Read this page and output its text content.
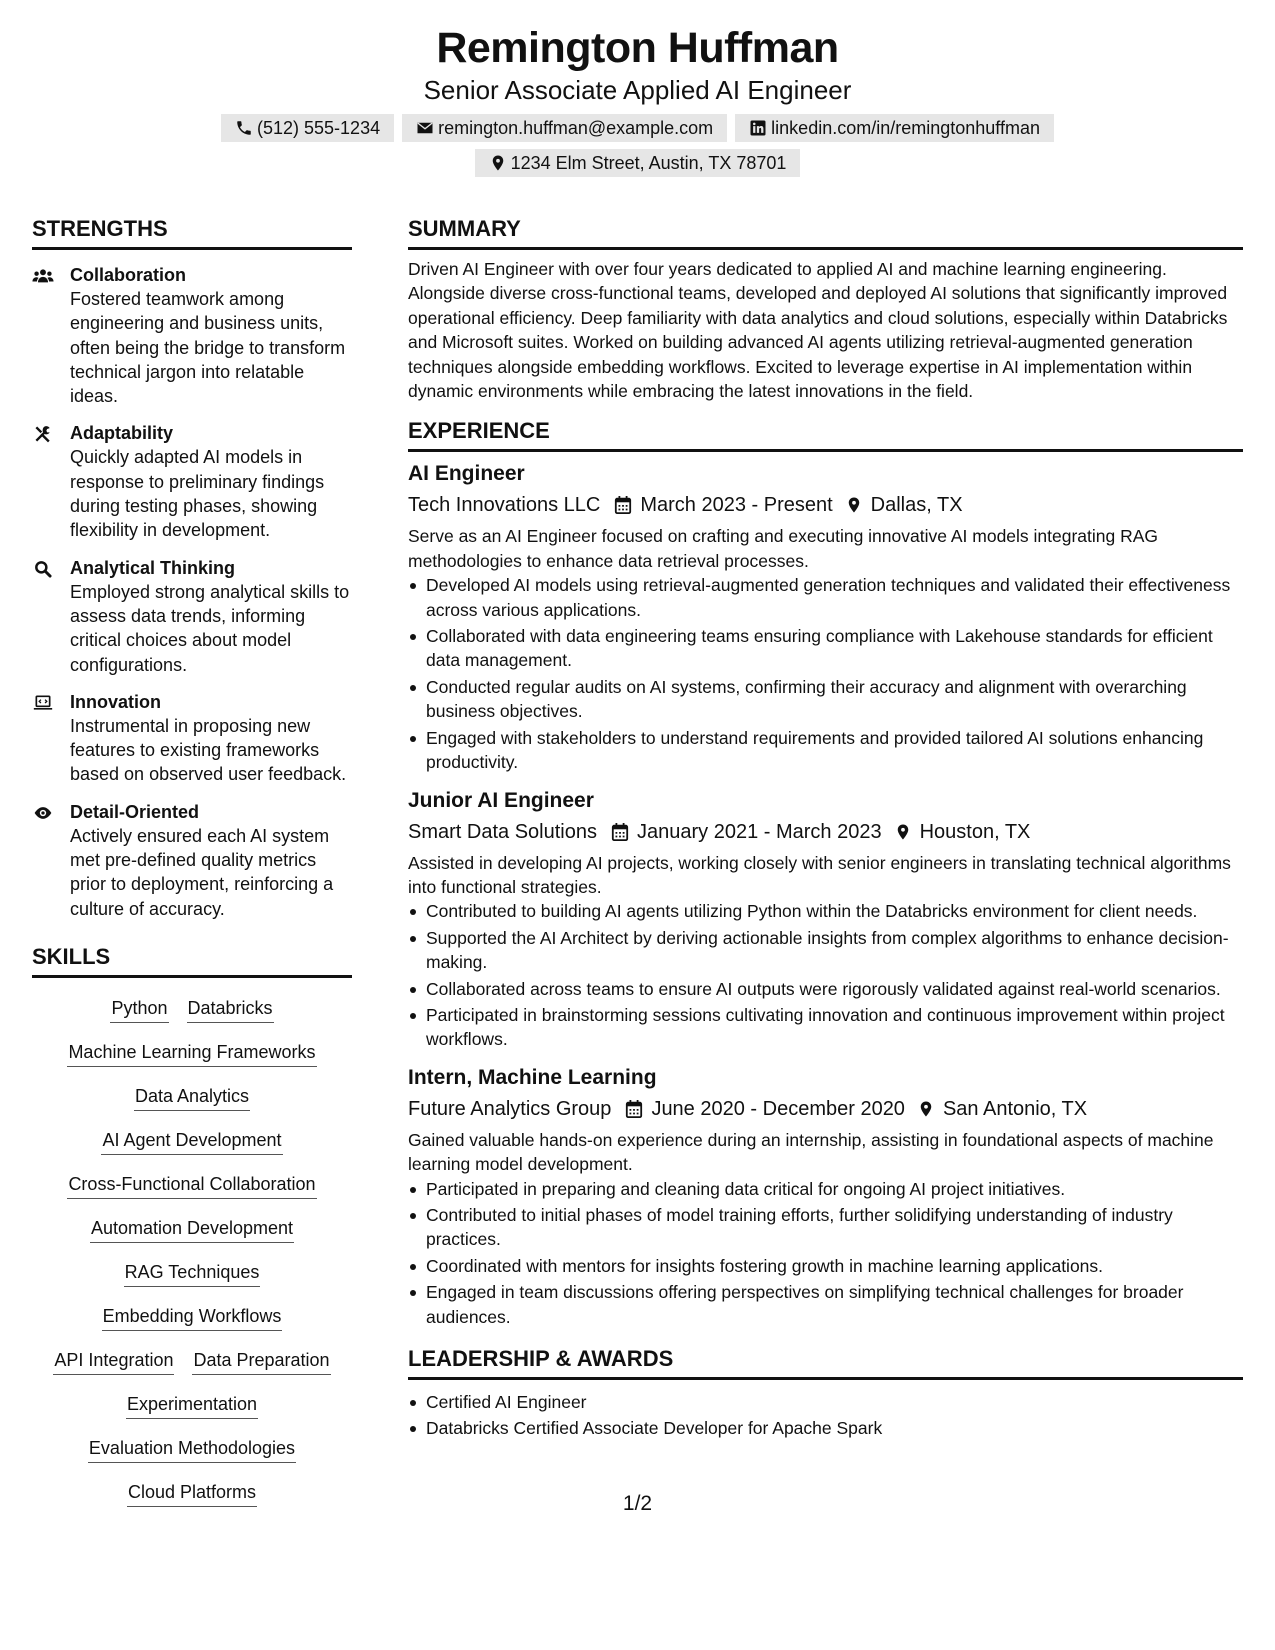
Remington Huffman
Senior Associate Applied AI Engineer
(512) 555-1234	remington.huffman@example.com	linkedin.com/in/remingtonhuffman
1234 Elm Street, Austin, TX 78701
STRENGTHS
Collaboration
Fostered teamwork among engineering and business units, often being the bridge to transform technical jargon into relatable ideas.
Adaptability
Quickly adapted AI models in response to preliminary findings during testing phases, showing flexibility in development.
Analytical Thinking
Employed strong analytical skills to assess data trends, informing critical choices about model configurations.
Innovation
Instrumental in proposing new features to existing frameworks based on observed user feedback.
Detail-Oriented
Actively ensured each AI system met pre-defined quality metrics prior to deployment, reinforcing a culture of accuracy.
SKILLS
Python Databricks
Machine Learning Frameworks
Data Analytics
AI Agent Development
Cross-Functional Collaboration
Automation Development
RAG Techniques
Embedding Workflows
API Integration Data Preparation
Experimentation
Evaluation Methodologies
Cloud Platforms
SUMMARY
Driven AI Engineer with over four years dedicated to applied AI and machine learning engineering. Alongside diverse cross-functional teams, developed and deployed AI solutions that significantly improved operational efficiency. Deep familiarity with data analytics and cloud solutions, especially within Databricks and Microsoft suites. Worked on building advanced AI agents utilizing retrieval-augmented generation techniques alongside embedding workflows. Excited to leverage expertise in AI implementation within dynamic environments while embracing the latest innovations in the field.
EXPERIENCE
AI Engineer
Tech Innovations LLC March 2023 - Present Dallas, TX
Serve as an AI Engineer focused on crafting and executing innovative AI models integrating RAG methodologies to enhance data retrieval processes.
Developed AI models using retrieval-augmented generation techniques and validated their effectiveness across various applications.
Collaborated with data engineering teams ensuring compliance with Lakehouse standards for efficient data management.
Conducted regular audits on AI systems, confirming their accuracy and alignment with overarching business objectives.
Engaged with stakeholders to understand requirements and provided tailored AI solutions enhancing productivity.
Junior AI Engineer
Smart Data Solutions January 2021 - March 2023 Houston, TX
Assisted in developing AI projects, working closely with senior engineers in translating technical algorithms into functional strategies.
Contributed to building AI agents utilizing Python within the Databricks environment for client needs.
Supported the AI Architect by deriving actionable insights from complex algorithms to enhance decision-making.
Collaborated across teams to ensure AI outputs were rigorously validated against real-world scenarios.
Participated in brainstorming sessions cultivating innovation and continuous improvement within project workflows.
Intern, Machine Learning
Future Analytics Group June 2020 - December 2020 San Antonio, TX
Gained valuable hands-on experience during an internship, assisting in foundational aspects of machine learning model development.
Participated in preparing and cleaning data critical for ongoing AI project initiatives.
Contributed to initial phases of model training efforts, further solidifying understanding of industry practices.
Coordinated with mentors for insights fostering growth in machine learning applications.
Engaged in team discussions offering perspectives on simplifying technical challenges for broader audiences.
LEADERSHIP & AWARDS
Certified AI Engineer
Databricks Certified Associate Developer for Apache Spark
1/2
